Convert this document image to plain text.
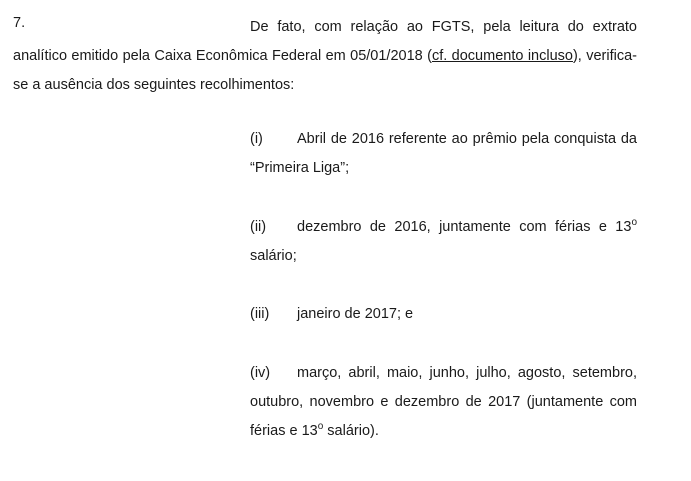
7.	De fato, com relação ao FGTS, pela leitura do extrato analítico emitido pela Caixa Econômica Federal em 05/01/2018 (cf. documento incluso), verifica-se a ausência dos seguintes recolhimentos:
(i) Abril de 2016 referente ao prêmio pela conquista da “Primeira Liga”;
(ii) dezembro de 2016, juntamente com férias e 13$^o$ salário;
(iii) janeiro de 2017; e
(iv) março, abril, maio, junho, julho, agosto, setembro, outubro, novembro e dezembro de 2017 (juntamente com férias e 13$^o$ salário).
